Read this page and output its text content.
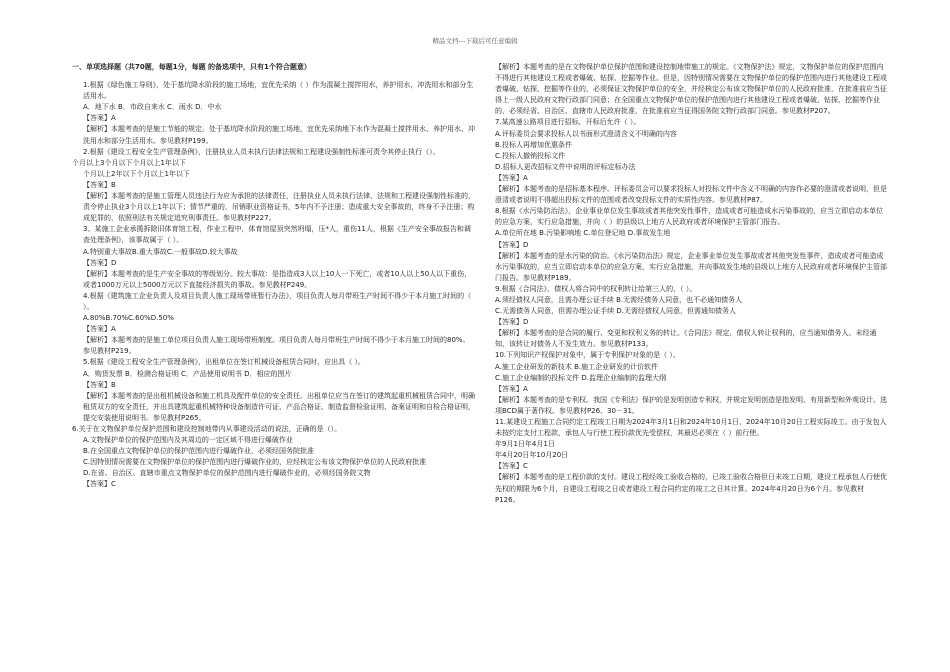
精品文档---下载后可任意编辑

一、单项选择题（共70题，每题1分，每题 的备选项中，只有1个符合题意）

1.根据《绿色施工导则》，处于基坑降水阶段的施工场地，宜优先采纳（ ）作为混凝土搅拌用水，养护用水，冲洗用水和部分生活用水。

A．地下水 B．市政自来水 C．雨水 D．中水

【答案】A

【解析】本题考查的是施工节能的规定。处于基坑降水阶段的施工场地，宜优先采纳地下水作为混凝土搅拌用水、养护用水、冲洗用水和部分生活用水。参见教材P199。

2.根据《建设工程安全生产管理条例》，注册执业人员未执行法律法规和工程建设强制性标准可责令其停止执行（）。

个月以上3个月以下个月以上1年以下

个月以上2年以下个月以上1年以下

【答案】B

【解析】本题考查的是施工管理人员违法行为应为承担的法律责任，注册执业人员未执行法律、法规和工程建设强制性标准的，责令停止执业3个月以上1年以下；情节严重的，吊销职业资格证书，5年内不予注册；造成重大安全事故的，终身不予注册；构成犯罪的，依照刑法有关规定追究刑事责任。参见教材P227。

3、某施工企业承揽拆除旧体育馆工程，作业工程中，体育馆屋顶突然坍塌，压*人，重伤11人，根据《生产安全事故报告和调查处理条例》，该事故属于（ ）。

A.特别重大事故B.重大事故C.一般事故D.较大事故

【答案】D

【解析】本题考查的是生产安全事故的等级划分。较大事故：是指造成3人以上10人一下死亡，或者10人以上50人以下重伤，或者1000万元以上5000万元以下直接经济损失的事故。参见教材P249。

4.根据《建筑施工企业负责人及项目负责人施工现场带班暂行办法》，项目负责人每月带班生产时间不得少于本月施工时间的（ ）。

A.80%B.70%C.60%D.50%

【答案】A

【解析】本题考查的是施工单位项目负责人施工现场带班制度。项目负责人每月带班生产时间不得少于本月施工时间的80%。参见教材P219。

5.根据《建设工程安全生产管理条例》，出租单位在签订机械设备租赁合同时，应出具（ ）。

A．购货发票 B．检测合格证明 C．产品使用说明书 D．相应的图片

【答案】B

【解析】本题考查的是出租机械设备和施工机具及配件单位的安全责任。出租单位应当在签订的建筑起重机械租赁合同中，明确租赁双方的安全责任，并出具建筑起重机械特种设备制造许可证、产品合格证、制造监督检验证明、备案证明和自检合格证明，提交安装使用说明书。参见教材P265。

6.关于在文物保护单位保护范围和建设控制地带内从事建设活动的说法，正确的是（）。

A.文物保护单位的保护范围内及其周边的一定区域不得进行爆破作业

B.在全国重点文物保护单位的保护范围内进行爆破作业，必须经国务院批准

C.因特别情况需要在文物保护单位的保护范围内进行爆破作业的，应经核定公布该文物保护单位的人民政府批准

D.在省、自治区、直辖市重点文物保护单位的保护范围内进行爆破作业的，必须经国务院文物

【答案】C

【解析】本题考查的是在文物保护单位保护范围和建设控制地带施工的规定。《文物保护法》规定，文物保护单位的保护范围内不得进行其他建设工程或者爆破、钻探、挖掘等作业。但是，因特别情况需要在文物保护单位的保护范围内进行其他建设工程或者爆破、钻探、挖掘等作业的，必须保证文物保护单位的安全，并经核定公布该文物保护单位的人民政府批准，在批准前应当征得上一级人民政府文物行政部门同意；在全国重点文物保护单位的保护范围内进行其他建设工程或者爆破、钻探、挖掘等作业的，必须经省、自治区、直辖市人民政府批准，在批准前应当征得国务院文物行政部门同意。参见教材P207。

7.某高速公路项目进行招标，开标后允许（ ）。

A.评标委员会要求投标人以书面形式澄清含义不明确的内容

B.投标人再增加优惠条件

C.投标人撤销投标文件

D.招标人更改招标文件中说明的评标定标办法

【答案】A

【解析】本题考查的是招标基本程序。评标委员会可以要求投标人对投标文件中含义不明确的内容作必要的澄清或者说明，但是澄清或者说明不得超出投标文件的范围或者改变投标文件的实质性内容。参见教材P87。

8.根据《水污染防治法》，企业事业单位发生事故或者其他突发性事件，造成或者可能造成水污染事故的，应当立即启动本单位的应急方案，实行应急措施，并向（ ）的县级以上地方人民政府或者环境保护主管部门报告。

A.单位所在地 B.污染影响地 C.单位登记地 D.事故发生地

【答案】D

【解析】本题考查的是水污染的防治。《水污染防治法》规定，企业事业单位发生事故或者其他突发性事件，造成或者可能造成水污染事故的，应当立即启动本单位的应急方案，实行应急措施，并向事故发生地的县级以上地方人民政府或者环境保护主管部门报告。参见教材P189。

9.根据《合同法》，债权人将合同中的权利转让给第三人的，（ ）。

A.须经债权人同意，且需办理公证手续 B.无需经债务人同意，也不必通知债务人

C.无需债务人同意，但需办理公证手续 D.无需经债权人同意，但需通知债务人

【答案】D

【解析】本题考查的是合同的履行、变更和权利义务的转让。《合同法》规定，债权人转让权利的，应当通知债务人。未经通知，该转让对债务人不发生效力。参见教材P133。

10.下列知识产权保护对象中，属于专利保护对象的是（ ）。

A.施工企业研发的新技术 B.施工企业研发的计价软件

C.施工企业编制的投标文件 D.监理企业编制的监理大纲

【答案】A

【解析】本题考查的是专利权。我国《专利法》保护的是发明创造专利权，并规定发明创造是指发明、有用新型和外观设计。选项BCD属于著作权。参见教材P26、30－31。

11.某建设工程施工合同约定工程竣工日期为2024年3月1日和2024年10月1日，2024年10月20日工程实际竣工。由于发包人未按约定支付工程款，承包人与行使工程价款优先受偿权，其最迟必须在（ ）前行使。

年9月1日年4月1日

年4月20日年10月20日

【答案】C

【解析】本题考查的是工程价款的支付。建设工程经竣工验收合格的，已竣工验收合格但日未竣工日期，建设工程承包人行使优先权的期限为6个月，自建设工程竣之日或者建设工程合同约定的竣工之日其计算。2024年4月20日为6个月。参见教材P126。
